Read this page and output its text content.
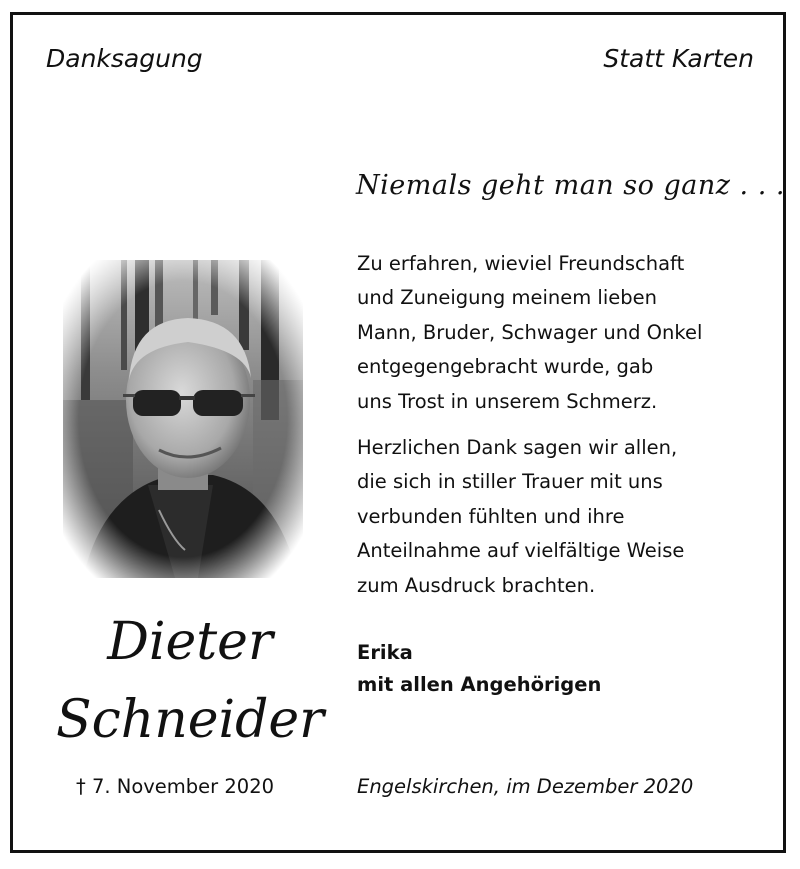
Danksagung	Statt Karten
Niemals geht man so ganz . . .
Zu erfahren, wieviel Freundschaft
und Zuneigung meinem lieben
Mann, Bruder, Schwager und Onkel
entgegengebracht wurde, gab
uns Trost in unserem Schmerz.
Herzlichen Dank sagen wir allen,
die sich in stiller Trauer mit uns
verbunden fühlten und ihre
Anteilnahme auf vielfältige Weise
zum Ausdruck brachten.
Erika
mit allen Angehörigen
Engelskirchen, im Dezember 2020
Dieter
Schneider
† 7. November 2020
